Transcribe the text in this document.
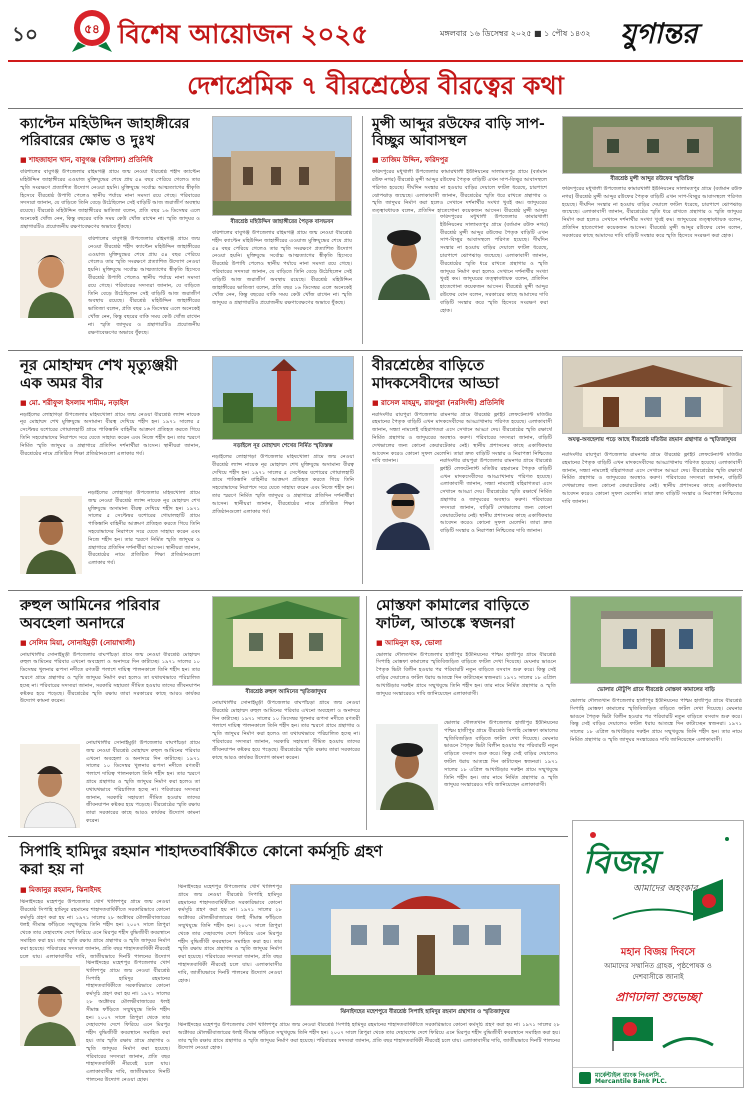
১০	৫৪ বিশেষ আয়োজন ২০২৫	মঙ্গলবার ১৬ ডিসেম্বর ২০২৫ ■ ১ পৌষ ১৪৩২ যুগান্তর
দেশপ্রেমিক ৭ বীরশ্রেষ্ঠের বীরত্বের কথা
ক্যাপ্টেন মহিউদ্দিন জাহাঙ্গীরের পরিবারের ক্ষোভ ও দুঃখ
■ শাহজাহান খান, বাবুগঞ্জ (বরিশাল) প্রতিনিধি
বরিশালের বাবুগঞ্জ উপজেলার রহিমগঞ্জ গ্রামে জন্ম নেওয়া বীরশ্রেষ্ঠ শহীদ ক্যাপ্টেন মহিউদ্দিন জাহাঙ্গীরের এওয়াজ মুক্তিযুদ্ধের শেষে প্রায় ৫৪ বছর পেরিয়ে গেলেও তার স্মৃতি সংরক্ষণে প্রত্যাশিত উদ্যোগ নেওয়া হয়নি। মুক্তিযুদ্ধে সর্বোচ্চ আত্মত্যাগের স্বীকৃতি হিসেবে বীরশ্রেষ্ঠ উপাধি পেলেও স্থানীয় পর্যায়ে নানা সমস্যা রয়ে গেছে। পরিবারের সদস্যরা জানান, যে বাড়িতে তিনি বেড়ে উঠেছিলেন সেই বাড়িটি আজ জরাজীর্ণ অবস্থায় রয়েছে। বীরশ্রেষ্ঠ মহিউদ্দিন জাহাঙ্গীরের ভাতিজা বলেন, প্রতি বছর ১৬ ডিসেম্বর এলে অনেকেই খোঁজ নেন, কিন্তু বছরের বাকি সময় কেউ খোঁজ রাখেন না। স্মৃতি জাদুঘর ও গ্রন্থাগারটিও প্রয়োজনীয় রক্ষণাবেক্ষণের অভাবে ধুঁকছে।
বরিশালের বাবুগঞ্জ উপজেলার রহিমগঞ্জ গ্রামে জন্ম নেওয়া বীরশ্রেষ্ঠ শহীদ ক্যাপ্টেন মহিউদ্দিন জাহাঙ্গীরের এওয়াজ মুক্তিযুদ্ধের শেষে প্রায় ৫৪ বছর পেরিয়ে গেলেও তার স্মৃতি সংরক্ষণে প্রত্যাশিত উদ্যোগ নেওয়া হয়নি। মুক্তিযুদ্ধে সর্বোচ্চ আত্মত্যাগের স্বীকৃতি হিসেবে বীরশ্রেষ্ঠ উপাধি পেলেও স্থানীয় পর্যায়ে নানা সমস্যা রয়ে গেছে। পরিবারের সদস্যরা জানান, যে বাড়িতে তিনি বেড়ে উঠেছিলেন সেই বাড়িটি আজ জরাজীর্ণ অবস্থায় রয়েছে। বীরশ্রেষ্ঠ মহিউদ্দিন জাহাঙ্গীরের ভাতিজা বলেন, প্রতি বছর ১৬ ডিসেম্বর এলে অনেকেই খোঁজ নেন, কিন্তু বছরের বাকি সময় কেউ খোঁজ রাখেন না। স্মৃতি জাদুঘর ও গ্রন্থাগারটিও প্রয়োজনীয় রক্ষণাবেক্ষণের অভাবে ধুঁকছে।
বীরশ্রেষ্ঠ মহিউদ্দিন জাহাঙ্গীরের পৈতৃক বাসভবন
বরিশালের বাবুগঞ্জ উপজেলার রহিমগঞ্জ গ্রামে জন্ম নেওয়া বীরশ্রেষ্ঠ শহীদ ক্যাপ্টেন মহিউদ্দিন জাহাঙ্গীরের এওয়াজ মুক্তিযুদ্ধের শেষে প্রায় ৫৪ বছর পেরিয়ে গেলেও তার স্মৃতি সংরক্ষণে প্রত্যাশিত উদ্যোগ নেওয়া হয়নি। মুক্তিযুদ্ধে সর্বোচ্চ আত্মত্যাগের স্বীকৃতি হিসেবে বীরশ্রেষ্ঠ উপাধি পেলেও স্থানীয় পর্যায়ে নানা সমস্যা রয়ে গেছে। পরিবারের সদস্যরা জানান, যে বাড়িতে তিনি বেড়ে উঠেছিলেন সেই বাড়িটি আজ জরাজীর্ণ অবস্থায় রয়েছে। বীরশ্রেষ্ঠ মহিউদ্দিন জাহাঙ্গীরের ভাতিজা বলেন, প্রতি বছর ১৬ ডিসেম্বর এলে অনেকেই খোঁজ নেন, কিন্তু বছরের বাকি সময় কেউ খোঁজ রাখেন না। স্মৃতি জাদুঘর ও গ্রন্থাগারটিও প্রয়োজনীয় রক্ষণাবেক্ষণের অভাবে ধুঁকছে।
মুন্সী আব্দুর রউফের বাড়ি সাপ-বিচ্ছুর আবাসস্থল
■ তাজিম উদ্দিন, ফরিদপুর
ফরিদপুরের মধুখালী উপজেলার কামারখালী ইউনিয়নের সালামতপুর গ্রামে (বর্তমান রউফ নগর) বীরশ্রেষ্ঠ মুন্সী আব্দুর রউফের পৈতৃক বাড়িটি এখন সাপ-বিচ্ছুর আবাসস্থলে পরিণত হয়েছে। দীর্ঘদিন সংস্কার না হওয়ায় বাড়ির দেয়ালে ফাটল ধরেছে, চারপাশে ঝোপঝাড় জন্মেছে। এলাকাবাসী জানান, বীরশ্রেষ্ঠের স্মৃতি ধরে রাখতে গ্রন্থাগার ও স্মৃতি জাদুঘর নির্মাণ করা হলেও সেখানে দর্শনার্থীর সংখ্যা খুবই কম। জাদুঘরের তত্ত্বাবধায়ক বলেন, প্রতিদিন হাতেগোনা কয়েকজন আসেন। বীরশ্রেষ্ঠ মুন্সী আব্দুর
ফরিদপুরের মধুখালী উপজেলার কামারখালী ইউনিয়নের সালামতপুর গ্রামে (বর্তমান রউফ নগর) বীরশ্রেষ্ঠ মুন্সী আব্দুর রউফের পৈতৃক বাড়িটি এখন সাপ-বিচ্ছুর আবাসস্থলে পরিণত হয়েছে। দীর্ঘদিন সংস্কার না হওয়ায় বাড়ির দেয়ালে ফাটল ধরেছে, চারপাশে ঝোপঝাড় জন্মেছে। এলাকাবাসী জানান, বীরশ্রেষ্ঠের স্মৃতি ধরে রাখতে গ্রন্থাগার ও স্মৃতি জাদুঘর নির্মাণ করা হলেও সেখানে দর্শনার্থীর সংখ্যা খুবই কম। জাদুঘরের তত্ত্বাবধায়ক বলেন, প্রতিদিন হাতেগোনা কয়েকজন আসেন। বীরশ্রেষ্ঠ মুন্সী আব্দুর রউফের বোন বলেন, সরকারের কাছে আমাদের দাবি বাড়িটি সংস্কার করে স্মৃতি হিসেবে সংরক্ষণ করা হোক।
বীরশ্রেষ্ঠ মুন্সী আব্দুর রউফের স্মৃতিচিহ্ন
ফরিদপুরের মধুখালী উপজেলার কামারখালী ইউনিয়নের সালামতপুর গ্রামে (বর্তমান রউফ নগর) বীরশ্রেষ্ঠ মুন্সী আব্দুর রউফের পৈতৃক বাড়িটি এখন সাপ-বিচ্ছুর আবাসস্থলে পরিণত হয়েছে। দীর্ঘদিন সংস্কার না হওয়ায় বাড়ির দেয়ালে ফাটল ধরেছে, চারপাশে ঝোপঝাড় জন্মেছে। এলাকাবাসী জানান, বীরশ্রেষ্ঠের স্মৃতি ধরে রাখতে গ্রন্থাগার ও স্মৃতি জাদুঘর নির্মাণ করা হলেও সেখানে দর্শনার্থীর সংখ্যা খুবই কম। জাদুঘরের তত্ত্বাবধায়ক বলেন, প্রতিদিন হাতেগোনা কয়েকজন আসেন। বীরশ্রেষ্ঠ মুন্সী আব্দুর রউফের বোন বলেন, সরকারের কাছে আমাদের দাবি বাড়িটি সংস্কার করে স্মৃতি হিসেবে সংরক্ষণ করা হোক।
নূর মোহাম্মদ শেখ মৃত্যুঞ্জয়ী এক অমর বীর
■ মো. শরীফুল ইসলাম শামীম, নড়াইল
নড়াইলের লোহাগড়া উপজেলার মহিষখোলা গ্রামে জন্ম নেওয়া বীরশ্রেষ্ঠ ল্যান্স নায়েক নূর মোহাম্মদ শেখ মুক্তিযুদ্ধে অসামান্য বীরত্ব দেখিয়ে শহীদ হন। ১৯৭১ সালের ৫ সেপ্টেম্বর যশোরের গোয়ালহাটি গ্রামে পাকিস্তানি বাহিনীর আক্রমণ প্রতিহত করতে গিয়ে তিনি সহযোদ্ধাদের নিরাপদে সরে যেতে সাহায্য করেন এবং নিজে শহীদ হন। তার স্মরণে নির্মিত স্মৃতি জাদুঘর ও গ্রন্থাগারে প্রতিদিন দর্শনার্থীরা আসেন। স্থানীয়রা জানান, বীরশ্রেষ্ঠের নামে প্রতিষ্ঠিত শিক্ষা প্রতিষ্ঠানগুলো এলাকার গর্ব।
নড়াইলের লোহাগড়া উপজেলার মহিষখোলা গ্রামে জন্ম নেওয়া বীরশ্রেষ্ঠ ল্যান্স নায়েক নূর মোহাম্মদ শেখ মুক্তিযুদ্ধে অসামান্য বীরত্ব দেখিয়ে শহীদ হন। ১৯৭১ সালের ৫ সেপ্টেম্বর যশোরের গোয়ালহাটি গ্রামে পাকিস্তানি বাহিনীর আক্রমণ প্রতিহত করতে গিয়ে তিনি সহযোদ্ধাদের নিরাপদে সরে যেতে সাহায্য করেন এবং নিজে শহীদ হন। তার স্মরণে নির্মিত স্মৃতি জাদুঘর ও গ্রন্থাগারে প্রতিদিন দর্শনার্থীরা আসেন। স্থানীয়রা জানান, বীরশ্রেষ্ঠের নামে প্রতিষ্ঠিত শিক্ষা প্রতিষ্ঠানগুলো এলাকার গর্ব।
নড়াইলে নূর মোহাম্মদ শেখের নির্মিত স্মৃতিস্তম্ভ
নড়াইলের লোহাগড়া উপজেলার মহিষখোলা গ্রামে জন্ম নেওয়া বীরশ্রেষ্ঠ ল্যান্স নায়েক নূর মোহাম্মদ শেখ মুক্তিযুদ্ধে অসামান্য বীরত্ব দেখিয়ে শহীদ হন। ১৯৭১ সালের ৫ সেপ্টেম্বর যশোরের গোয়ালহাটি গ্রামে পাকিস্তানি বাহিনীর আক্রমণ প্রতিহত করতে গিয়ে তিনি সহযোদ্ধাদের নিরাপদে সরে যেতে সাহায্য করেন এবং নিজে শহীদ হন। তার স্মরণে নির্মিত স্মৃতি জাদুঘর ও গ্রন্থাগারে প্রতিদিন দর্শনার্থীরা আসেন। স্থানীয়রা জানান, বীরশ্রেষ্ঠের নামে প্রতিষ্ঠিত শিক্ষা প্রতিষ্ঠানগুলো এলাকার গর্ব।
বীরশ্রেষ্ঠের বাড়িতে মাদকসেবীদের আড্ডা
■ রাসেল মাহমুদ, রায়পুরা (নরসিংদী) প্রতিনিধি
নরসিংদীর রায়পুরা উপজেলার রামনগর গ্রামে বীরশ্রেষ্ঠ ফ্লাইট লেফটেন্যান্ট মতিউর রহমানের পৈতৃক বাড়িটি এখন মাদকসেবীদের আড্ডাখানায় পরিণত হয়েছে। এলাকাবাসী জানান, সন্ধ্যা নামলেই বহিরাগতরা এসে সেখানে আড্ডা দেয়। বীরশ্রেষ্ঠের স্মৃতি রক্ষার্থে নির্মিত গ্রন্থাগার ও জাদুঘরের অবস্থাও করুণ। পরিবারের সদস্যরা জানান, বাড়িটি দেখভালের জন্য কোনো কেয়ারটেকার নেই। স্থানীয় প্রশাসনের কাছে একাধিকবার আবেদন করেও কোনো সুফল মেলেনি। তারা দ্রুত বাড়িটি সংস্কার ও নিরাপত্তা নিশ্চিতের দাবি জানান।	নরসিংদীর রায়পুরা উপজেলার রামনগর গ্রামে বীরশ্রেষ্ঠ ফ্লাইট লেফটেন্যান্ট মতিউর রহমানের পৈতৃক বাড়িটি এখন মাদকসেবীদের আড্ডাখানায় পরিণত হয়েছে। এলাকাবাসী জানান, সন্ধ্যা নামলেই বহিরাগতরা এসে সেখানে আড্ডা দেয়। বীরশ্রেষ্ঠের স্মৃতি রক্ষার্থে নির্মিত গ্রন্থাগার ও জাদুঘরের অবস্থাও করুণ। পরিবারের সদস্যরা জানান, বাড়িটি দেখভালের জন্য কোনো কেয়ারটেকার নেই। স্থানীয় প্রশাসনের কাছে একাধিকবার আবেদন করেও কোনো সুফল মেলেনি। তারা দ্রুত বাড়িটি সংস্কার ও নিরাপত্তা নিশ্চিতের দাবি জানান।
অযত্ন-অবহেলায় পড়ে আছে বীরশ্রেষ্ঠ মতিউর রহমান গ্রন্থাগার ও স্মৃতিজাদুঘর
নরসিংদীর রায়পুরা উপজেলার রামনগর গ্রামে বীরশ্রেষ্ঠ ফ্লাইট লেফটেন্যান্ট মতিউর রহমানের পৈতৃক বাড়িটি এখন মাদকসেবীদের আড্ডাখানায় পরিণত হয়েছে। এলাকাবাসী জানান, সন্ধ্যা নামলেই বহিরাগতরা এসে সেখানে আড্ডা দেয়। বীরশ্রেষ্ঠের স্মৃতি রক্ষার্থে নির্মিত গ্রন্থাগার ও জাদুঘরের অবস্থাও করুণ। পরিবারের সদস্যরা জানান, বাড়িটি দেখভালের জন্য কোনো কেয়ারটেকার নেই। স্থানীয় প্রশাসনের কাছে একাধিকবার আবেদন করেও কোনো সুফল মেলেনি। তারা দ্রুত বাড়িটি সংস্কার ও নিরাপত্তা নিশ্চিতের দাবি জানান।
রুহুল আমিনের পরিবার অবহেলা অনাদরে
■ সেলিম মিয়া, সোনাইমুড়ী (নোয়াখালী)
নোয়াখালীর সোনাইমুড়ী উপজেলার বাঘপাঁচড়া গ্রামে জন্ম নেওয়া বীরশ্রেষ্ঠ মোহাম্মদ রুহুল আমিনের পরিবার এখনো অবহেলা ও অনাদরে দিন কাটাচ্ছে। ১৯৭১ সালের ১০ ডিসেম্বর খুলনার রূপসা নদীতে রণতরী পলাশে দায়িত্ব পালনকালে তিনি শহীদ হন। তার স্মরণে গ্রামে গ্রন্থাগার ও স্মৃতি জাদুঘর নির্মাণ করা হলেও তা যথাযথভাবে পরিচালিত হচ্ছে না। পরিবারের সদস্যরা জানান, সরকারি সহায়তা সীমিত হওয়ায় তাদের জীবনযাপন কষ্টকর হয়ে পড়েছে। বীরশ্রেষ্ঠের স্মৃতি রক্ষায় তারা সরকারের কাছে আরও কার্যকর উদ্যোগ কামনা করেন।
নোয়াখালীর সোনাইমুড়ী উপজেলার বাঘপাঁচড়া গ্রামে জন্ম নেওয়া বীরশ্রেষ্ঠ মোহাম্মদ রুহুল আমিনের পরিবার এখনো অবহেলা ও অনাদরে দিন কাটাচ্ছে। ১৯৭১ সালের ১০ ডিসেম্বর খুলনার রূপসা নদীতে রণতরী পলাশে দায়িত্ব পালনকালে তিনি শহীদ হন। তার স্মরণে গ্রামে গ্রন্থাগার ও স্মৃতি জাদুঘর নির্মাণ করা হলেও তা যথাযথভাবে পরিচালিত হচ্ছে না। পরিবারের সদস্যরা জানান, সরকারি সহায়তা সীমিত হওয়ায় তাদের জীবনযাপন কষ্টকর হয়ে পড়েছে। বীরশ্রেষ্ঠের স্মৃতি রক্ষায় তারা সরকারের কাছে আরও কার্যকর উদ্যোগ কামনা করেন।
বীরশ্রেষ্ঠ রুহুল আমিনের স্মৃতিজাদুঘর
নোয়াখালীর সোনাইমুড়ী উপজেলার বাঘপাঁচড়া গ্রামে জন্ম নেওয়া বীরশ্রেষ্ঠ মোহাম্মদ রুহুল আমিনের পরিবার এখনো অবহেলা ও অনাদরে দিন কাটাচ্ছে। ১৯৭১ সালের ১০ ডিসেম্বর খুলনার রূপসা নদীতে রণতরী পলাশে দায়িত্ব পালনকালে তিনি শহীদ হন। তার স্মরণে গ্রামে গ্রন্থাগার ও স্মৃতি জাদুঘর নির্মাণ করা হলেও তা যথাযথভাবে পরিচালিত হচ্ছে না। পরিবারের সদস্যরা জানান, সরকারি সহায়তা সীমিত হওয়ায় তাদের জীবনযাপন কষ্টকর হয়ে পড়েছে। বীরশ্রেষ্ঠের স্মৃতি রক্ষায় তারা সরকারের কাছে আরও কার্যকর উদ্যোগ কামনা করেন।
মোস্তফা কামালের বাড়িতে ফাটল, আতঙ্কে স্বজনরা
■ আমিনুল হক, ভোলা
ভোলার দৌলতখান উপজেলার হাজীপুর ইউনিয়নের পশ্চিম হাজীপুর গ্রামে বীরশ্রেষ্ঠ সিপাহি মোস্তফা কামালের স্মৃতিবিজড়িত বাড়িতে ফাটল দেখা দিয়েছে। মেঘনার ভাঙনে পৈতৃক ভিটা বিলীন হওয়ার পর পরিবারটি নতুন বাড়িতে বসবাস শুরু করে। কিন্তু সেই বাড়ির দেয়ালেও ফাটল ধরায় আতঙ্কে দিন কাটাচ্ছেন স্বজনরা। ১৯৭১ সালের ১৮ এপ্রিল আখাউড়ার দরুইন গ্রামে সম্মুখযুদ্ধে তিনি শহীদ হন। তার নামে নির্মিত গ্রন্থাগার ও স্মৃতি জাদুঘর সংস্কারেরও দাবি জানিয়েছেন এলাকাবাসী।
ভোলার দৌলতখান উপজেলার হাজীপুর ইউনিয়নের পশ্চিম হাজীপুর গ্রামে বীরশ্রেষ্ঠ সিপাহি মোস্তফা কামালের স্মৃতিবিজড়িত বাড়িতে ফাটল দেখা দিয়েছে। মেঘনার ভাঙনে পৈতৃক ভিটা বিলীন হওয়ার পর পরিবারটি নতুন বাড়িতে বসবাস শুরু করে। কিন্তু সেই বাড়ির দেয়ালেও ফাটল ধরায় আতঙ্কে দিন কাটাচ্ছেন স্বজনরা। ১৯৭১ সালের ১৮ এপ্রিল আখাউড়ার দরুইন গ্রামে সম্মুখযুদ্ধে তিনি শহীদ হন। তার নামে নির্মিত গ্রন্থাগার ও স্মৃতি জাদুঘর সংস্কারেরও দাবি জানিয়েছেন এলাকাবাসী।
ভোলার মৌটুপি গ্রামে বীরশ্রেষ্ঠ মোস্তফা কামালের বাড়ি
ভোলার দৌলতখান উপজেলার হাজীপুর ইউনিয়নের পশ্চিম হাজীপুর গ্রামে বীরশ্রেষ্ঠ সিপাহি মোস্তফা কামালের স্মৃতিবিজড়িত বাড়িতে ফাটল দেখা দিয়েছে। মেঘনার ভাঙনে পৈতৃক ভিটা বিলীন হওয়ার পর পরিবারটি নতুন বাড়িতে বসবাস শুরু করে। কিন্তু সেই বাড়ির দেয়ালেও ফাটল ধরায় আতঙ্কে দিন কাটাচ্ছেন স্বজনরা। ১৯৭১ সালের ১৮ এপ্রিল আখাউড়ার দরুইন গ্রামে সম্মুখযুদ্ধে তিনি শহীদ হন। তার নামে নির্মিত গ্রন্থাগার ও স্মৃতি জাদুঘর সংস্কারেরও দাবি জানিয়েছেন এলাকাবাসী।
সিপাহি হামিদুর রহমান শাহাদতবার্ষিকীতে কোনো কর্মসূচি গ্রহণ করা হয় না
■ মিজানুর রহমান, ঝিনাইদহ
ঝিনাইদহের মহেশপুর উপজেলার খোর্দ খালিশপুর গ্রামে জন্ম নেওয়া বীরশ্রেষ্ঠ সিপাহি হামিদুর রহমানের শাহাদতবার্ষিকীতে সরকারিভাবে কোনো কর্মসূচি গ্রহণ করা হয় না। ১৯৭১ সালের ২৮ অক্টোবর মৌলভীবাজারের ধলই সীমান্ত ফাঁড়িতে সম্মুখযুদ্ধে তিনি শহীদ হন। ২০০৭ সালে ত্রিপুরা থেকে তার দেহাবশেষ দেশে ফিরিয়ে এনে মিরপুর শহীদ বুদ্ধিজীবী কবরস্থানে সমাহিত করা হয়। তার স্মৃতি রক্ষায় গ্রামে গ্রন্থাগার ও স্মৃতি জাদুঘর নির্মাণ করা হয়েছে। পরিবারের সদস্যরা জানান, প্রতি বছর শাহাদতবার্ষিকী নীরবেই চলে যায়। এলাকাবাসীর দাবি, জাতীয়ভাবে দিনটি পালনের উদ্যোগ
ঝিনাইদহের মহেশপুর উপজেলার খোর্দ খালিশপুর গ্রামে জন্ম নেওয়া বীরশ্রেষ্ঠ সিপাহি হামিদুর রহমানের শাহাদতবার্ষিকীতে সরকারিভাবে কোনো কর্মসূচি গ্রহণ করা হয় না। ১৯৭১ সালের ২৮ অক্টোবর মৌলভীবাজারের ধলই সীমান্ত ফাঁড়িতে সম্মুখযুদ্ধে তিনি শহীদ হন। ২০০৭ সালে ত্রিপুরা থেকে তার দেহাবশেষ দেশে ফিরিয়ে এনে মিরপুর শহীদ বুদ্ধিজীবী কবরস্থানে সমাহিত করা হয়। তার স্মৃতি রক্ষায় গ্রামে গ্রন্থাগার ও স্মৃতি জাদুঘর নির্মাণ করা হয়েছে। পরিবারের সদস্যরা জানান, প্রতি বছর শাহাদতবার্ষিকী নীরবেই চলে যায়। এলাকাবাসীর দাবি, জাতীয়ভাবে দিনটি পালনের উদ্যোগ নেওয়া হোক।
ঝিনাইদহের মহেশপুর উপজেলার খোর্দ খালিশপুর গ্রামে জন্ম নেওয়া বীরশ্রেষ্ঠ সিপাহি হামিদুর রহমানের শাহাদতবার্ষিকীতে সরকারিভাবে কোনো কর্মসূচি গ্রহণ করা হয় না। ১৯৭১ সালের ২৮ অক্টোবর মৌলভীবাজারের ধলই সীমান্ত ফাঁড়িতে সম্মুখযুদ্ধে তিনি শহীদ হন। ২০০৭ সালে ত্রিপুরা থেকে তার দেহাবশেষ দেশে ফিরিয়ে এনে মিরপুর শহীদ বুদ্ধিজীবী কবরস্থানে সমাহিত করা হয়। তার স্মৃতি রক্ষায় গ্রামে গ্রন্থাগার ও স্মৃতি জাদুঘর নির্মাণ করা হয়েছে। পরিবারের সদস্যরা জানান, প্রতি বছর শাহাদতবার্ষিকী নীরবেই চলে যায়। এলাকাবাসীর দাবি, জাতীয়ভাবে দিনটি পালনের উদ্যোগ নেওয়া হোক।
ঝিনাইদহের মহেশপুরে বীরশ্রেষ্ঠ সিপাহি হামিদুর রহমান গ্রন্থাগার ও স্মৃতিজাদুঘর
ঝিনাইদহের মহেশপুর উপজেলার খোর্দ খালিশপুর গ্রামে জন্ম নেওয়া বীরশ্রেষ্ঠ সিপাহি হামিদুর রহমানের শাহাদতবার্ষিকীতে সরকারিভাবে কোনো কর্মসূচি গ্রহণ করা হয় না। ১৯৭১ সালের ২৮ অক্টোবর মৌলভীবাজারের ধলই সীমান্ত ফাঁড়িতে সম্মুখযুদ্ধে তিনি শহীদ হন। ২০০৭ সালে ত্রিপুরা থেকে তার দেহাবশেষ দেশে ফিরিয়ে এনে মিরপুর শহীদ বুদ্ধিজীবী কবরস্থানে সমাহিত করা হয়। তার স্মৃতি রক্ষায় গ্রামে গ্রন্থাগার ও স্মৃতি জাদুঘর নির্মাণ করা হয়েছে। পরিবারের সদস্যরা জানান, প্রতি বছর শাহাদতবার্ষিকী নীরবেই চলে যায়। এলাকাবাসীর দাবি, জাতীয়ভাবে দিনটি পালনের উদ্যোগ নেওয়া হোক।
বিজয়
আমাদের অহংকার
মহান বিজয় দিবসে
আমাদের সম্মানিত গ্রাহক, পৃষ্ঠপোষক ও দেশবাসীকে জানাই
প্রাণঢালা শুভেচ্ছা
মার্কেন্টাইল ব্যাংক পিএলসি.
Mercantile Bank PLC.
